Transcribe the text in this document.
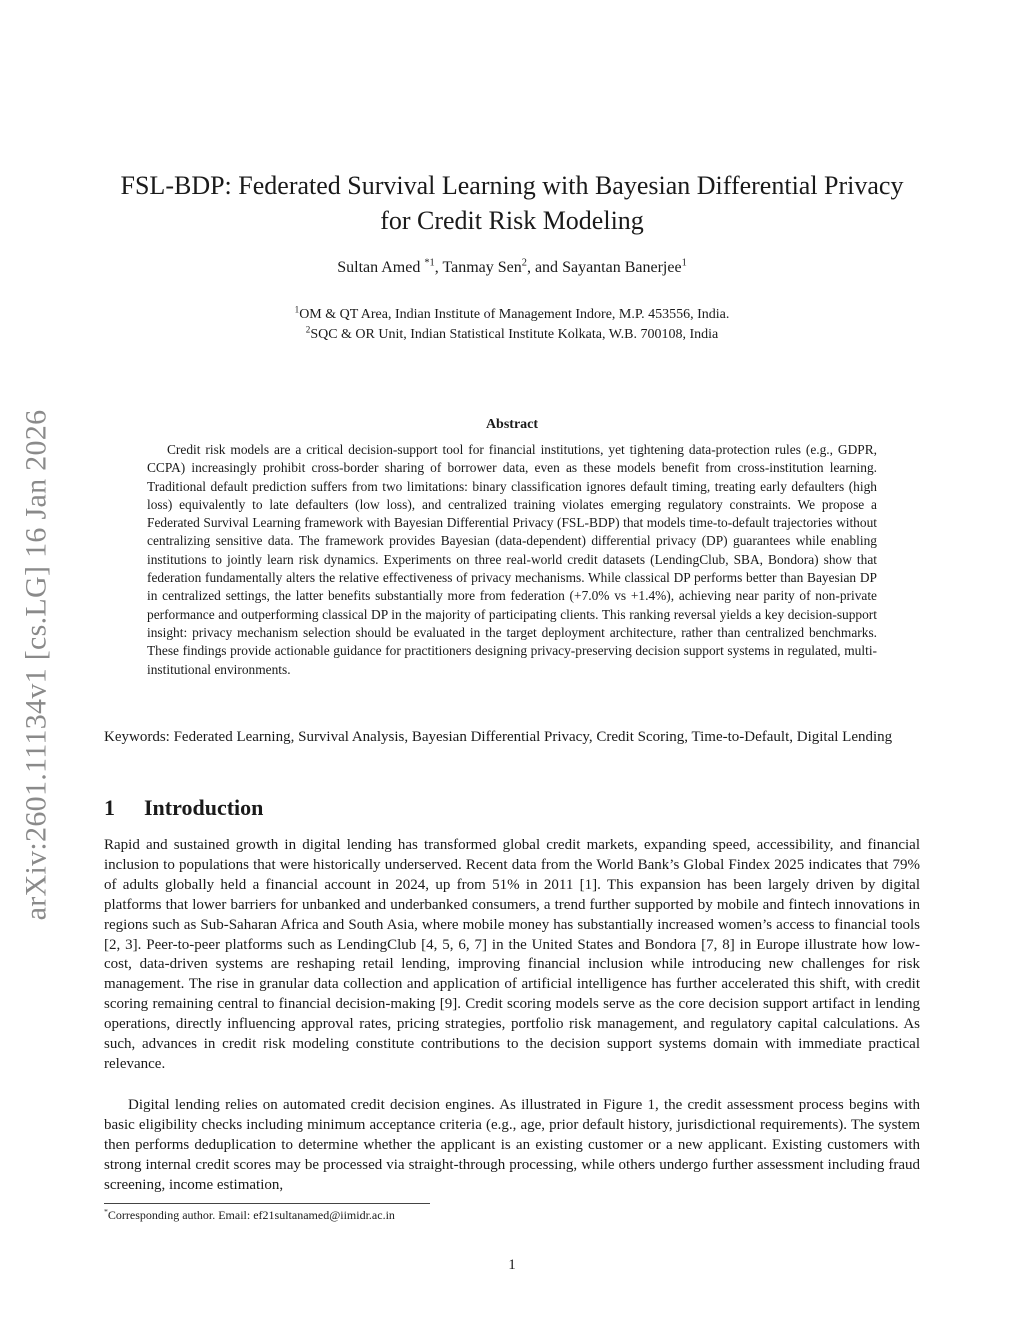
arXiv:2601.11134v1 [cs.LG] 16 Jan 2026
FSL-BDP: Federated Survival Learning with Bayesian Differential Privacy for Credit Risk Modeling
Sultan Amed $^{*1}$, Tanmay Sen$^2$, and Sayantan Banerjee$^1$
$^1$OM & QT Area, Indian Institute of Management Indore, M.P. 453556, India.
$^2$SQC & OR Unit, Indian Statistical Institute Kolkata, W.B. 700108, India
Abstract
Credit risk models are a critical decision-support tool for financial institutions, yet tightening data-protection rules (e.g., GDPR, CCPA) increasingly prohibit cross-border sharing of borrower data, even as these models benefit from cross-institution learning. Traditional default prediction suffers from two limitations: binary classification ignores default timing, treating early defaulters (high loss) equivalently to late defaulters (low loss), and centralized training violates emerging regulatory constraints. We propose a Federated Survival Learning framework with Bayesian Differential Privacy (FSL-BDP) that models time-to-default trajectories without centralizing sensitive data. The framework provides Bayesian (data-dependent) differential privacy (DP) guarantees while enabling institutions to jointly learn risk dynamics. Experiments on three real-world credit datasets (LendingClub, SBA, Bondora) show that federation fundamentally alters the relative effectiveness of privacy mechanisms. While classical DP performs better than Bayesian DP in centralized settings, the latter benefits substantially more from federation (+7.0% vs +1.4%), achieving near parity of non-private performance and outperforming classical DP in the majority of participating clients. This ranking reversal yields a key decision-support insight: privacy mechanism selection should be evaluated in the target deployment architecture, rather than centralized benchmarks. These findings provide actionable guidance for practitioners designing privacy-preserving decision support systems in regulated, multi-institutional environments.
Keywords: Federated Learning, Survival Analysis, Bayesian Differential Privacy, Credit Scoring, Time-to-Default, Digital Lending
1 Introduction
Rapid and sustained growth in digital lending has transformed global credit markets, expanding speed, accessibility, and financial inclusion to populations that were historically underserved. Recent data from the World Bank’s Global Findex 2025 indicates that 79% of adults globally held a financial account in 2024, up from 51% in 2011 [1]. This expansion has been largely driven by digital platforms that lower barriers for unbanked and underbanked consumers, a trend further supported by mobile and fintech innovations in regions such as Sub-Saharan Africa and South Asia, where mobile money has substantially increased women’s access to financial tools [2, 3]. Peer-to-peer platforms such as LendingClub [4, 5, 6, 7] in the United States and Bondora [7, 8] in Europe illustrate how low-cost, data-driven systems are reshaping retail lending, improving financial inclusion while introducing new challenges for risk management. The rise in granular data collection and application of artificial intelligence has further accelerated this shift, with credit scoring remaining central to financial decision-making [9]. Credit scoring models serve as the core decision support artifact in lending operations, directly influencing approval rates, pricing strategies, portfolio risk management, and regulatory capital calculations. As such, advances in credit risk modeling constitute contributions to the decision support systems domain with immediate practical relevance.
Digital lending relies on automated credit decision engines. As illustrated in Figure 1, the credit assessment process begins with basic eligibility checks including minimum acceptance criteria (e.g., age, prior default history, jurisdictional requirements). The system then performs deduplication to determine whether the applicant is an existing customer or a new applicant. Existing customers with strong internal credit scores may be processed via straight-through processing, while others undergo further assessment including fraud screening, income estimation,
*Corresponding author. Email: ef21sultanamed@iimidr.ac.in
1
